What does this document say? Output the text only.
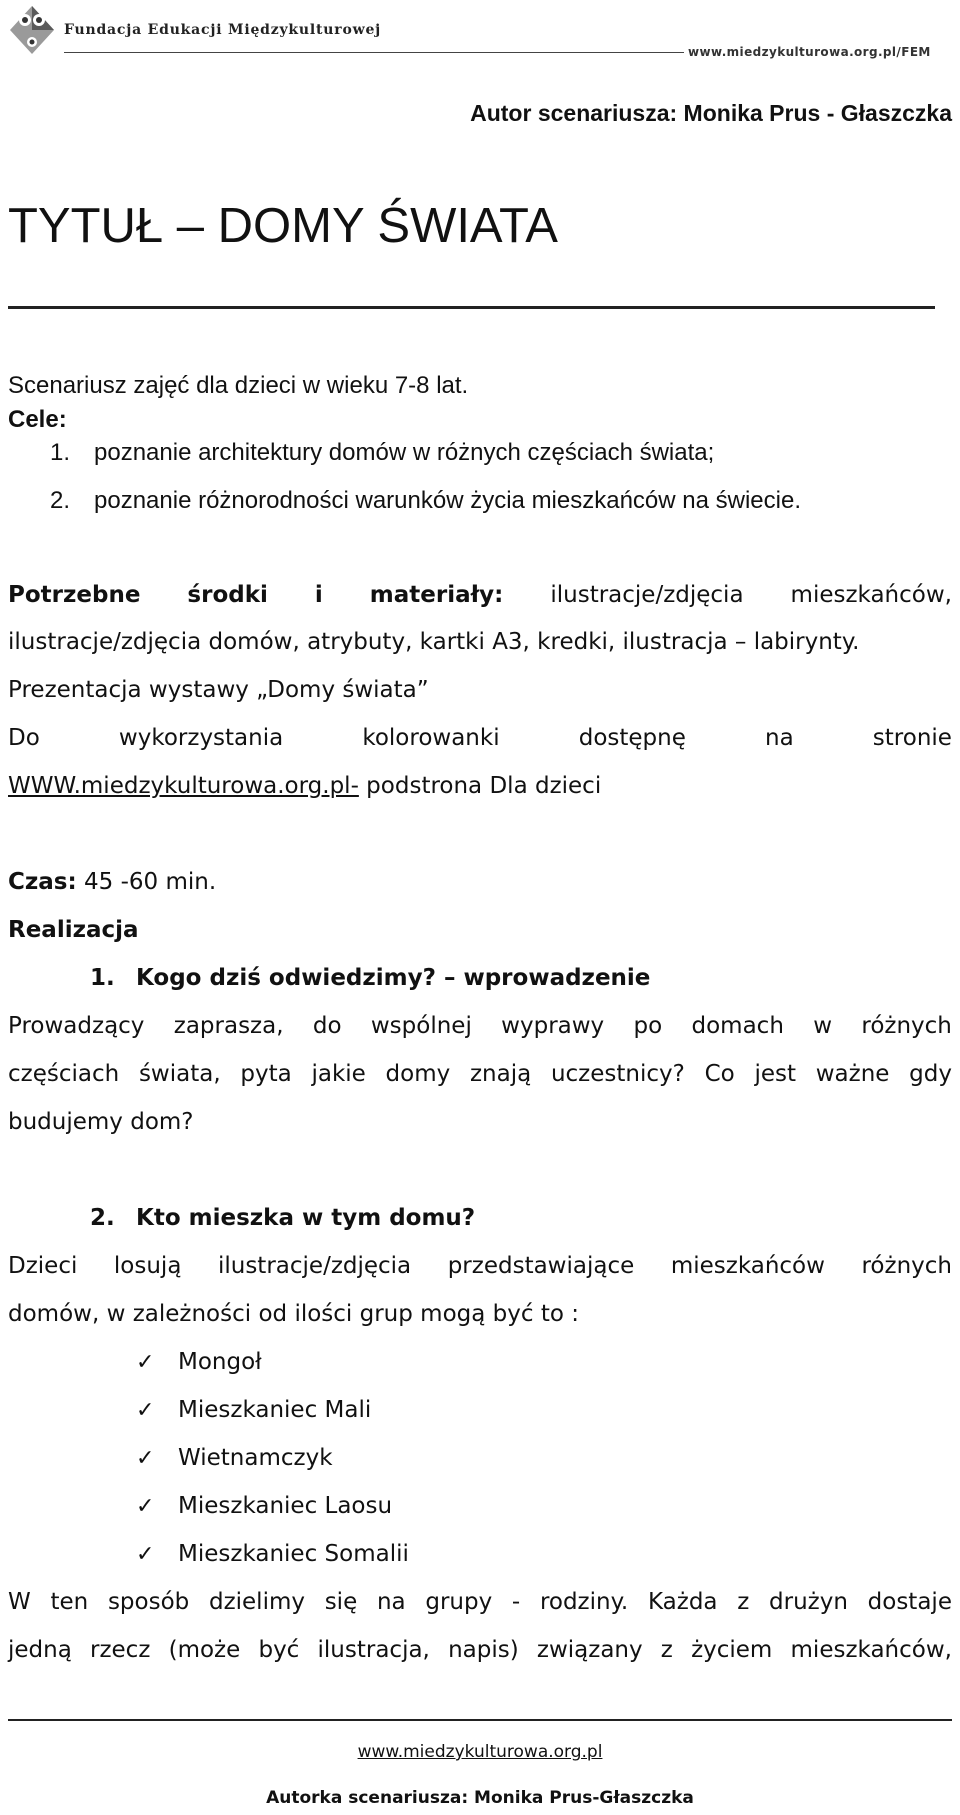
Fundacja Edukacji Międzykulturowej
www.miedzykulturowa.org.pl/FEM
Autor scenariusza: Monika Prus - Głaszczka
TYTUŁ – DOMY ŚWIATA
Scenariusz zajęć dla dzieci w wieku 7-8 lat.
Cele:
1. poznanie architektury domów w różnych częściach świata;
2. poznanie różnorodności warunków życia mieszkańców na świecie.
Potrzebne środki i materiały: ilustracje/zdjęcia mieszkańców,
ilustracje/zdjęcia domów, atrybuty, kartki A3, kredki, ilustracja – labirynty.
Prezentacja wystawy „Domy świata”
Do	wykorzystania	kolorowanki	dostępnę	na	stronie
WWW.miedzykulturowa.org.pl- podstrona Dla dzieci
Czas: 45 -60 min.
Realizacja
1. Kogo dziś odwiedzimy? – wprowadzenie
Prowadzący zaprasza, do wspólnej wyprawy po domach w różnych
częściach świata, pyta jakie domy znają uczestnicy? Co jest ważne gdy
budujemy dom?
2. Kto mieszka w tym domu?
Dzieci losują ilustracje/zdjęcia przedstawiające mieszkańców różnych
domów, w zależności od ilości grup mogą być to :
✓ Mongoł
✓ Mieszkaniec Mali
✓ Wietnamczyk
✓ Mieszkaniec Laosu
✓ Mieszkaniec Somalii
W ten sposób dzielimy się na grupy - rodziny. Każda z drużyn dostaje
jedną rzecz (może być ilustracja, napis) związany z życiem mieszkańców,
www.miedzykulturowa.org.pl
Autorka scenariusza: Monika Prus-Głaszczka
